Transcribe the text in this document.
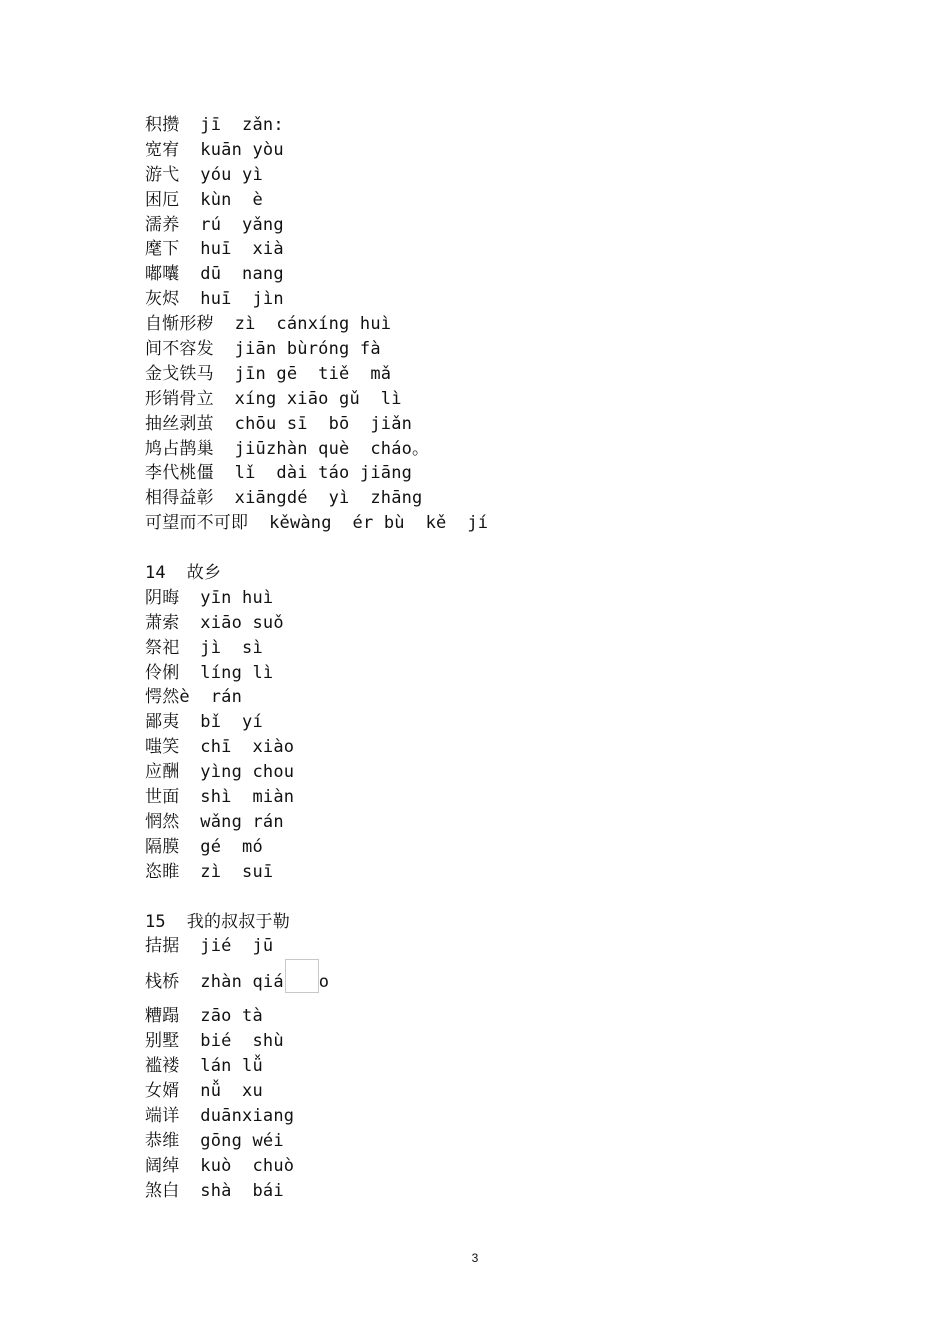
积攒  jī  zǎn:
宽宥  kuān yòu
游弋  yóu yì
困厄  kùn  è
濡养  rú  yǎng
麾下  huī  xià
嘟囔  dū  nang
灰烬  huī  jìn
自惭形秽  zì  cánxíng huì
间不容发  jiān bùróng fà
金戈铁马  jīn gē  tiě  mǎ
形销骨立  xíng xiāo gǔ  lì
抽丝剥茧  chōu sī  bō  jiǎn
鸠占鹊巢  jiūzhàn què  cháo。
李代桃僵  lǐ  dài táo jiāng
相得益彰  xiāngdé  yì  zhāng
可望而不可即  kěwàng  ér bù  kě  jí
14  故乡
阴晦  yīn huì
萧索  xiāo suǒ
祭祀  jì  sì
伶俐  líng lì
愕然è  rán
鄙夷  bǐ  yí
嗤笑  chī  xiào
应酬  yìng chou
世面  shì  miàn
惘然  wǎng rán
隔膜  gé  mó
恣睢  zì  suī
15  我的叔叔于勒
拮据  jié  jū
栈桥  zhàn qiá o
糟蹋  zāo tà
别墅  bié  shù
褴褛  lán lǚ
女婿  nǚ  xu
端详  duānxiang
恭维  gōng wéi
阔绰  kuò  chuò
煞白  shà  bái
3
